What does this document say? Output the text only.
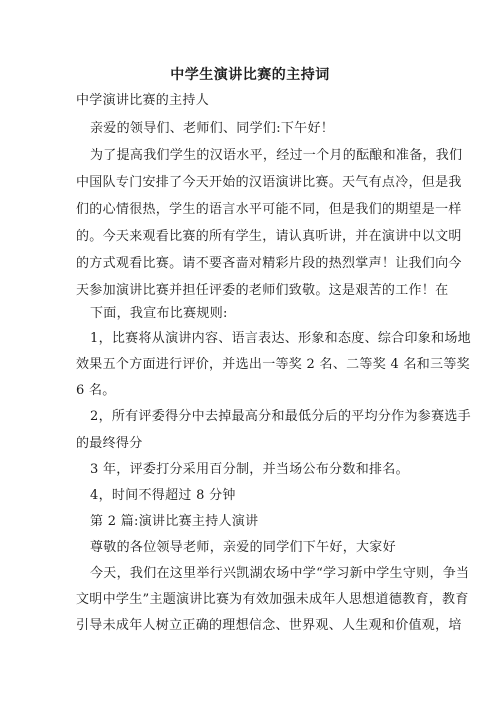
中学生演讲比赛的主持词
中学演讲比赛的主持人
亲爱的领导们、老师们、同学们:下午好！
为了提高我们学生的汉语水平，经过一个月的酝酿和准备，我们
中国队专门安排了今天开始的汉语演讲比赛。天气有点冷，但是我
们的心情很热，学生的语言水平可能不同，但是我们的期望是一样
的。今天来观看比赛的所有学生，请认真听讲，并在演讲中以文明
的方式观看比赛。请不要吝啬对精彩片段的热烈掌声！让我们向今
天参加演讲比赛并担任评委的老师们致敬。这是艰苦的工作！在
下面，我宣布比赛规则:
1，比赛将从演讲内容、语言表达、形象和态度、综合印象和场地
效果五个方面进行评价，并选出一等奖 2 名、二等奖 4 名和三等奖
6 名。
2，所有评委得分中去掉最高分和最低分后的平均分作为参赛选手
的最终得分
3 年，评委打分采用百分制，并当场公布分数和排名。
4，时间不得超过 8 分钟
第 2 篇:演讲比赛主持人演讲
尊敬的各位领导老师，亲爱的同学们下午好，大家好
今天，我们在这里举行兴凯湖农场中学“学习新中学生守则，争当
文明中学生”主题演讲比赛为有效加强未成年人思想道德教育，教育
引导未成年人树立正确的理想信念、世界观、人生观和价值观，培
